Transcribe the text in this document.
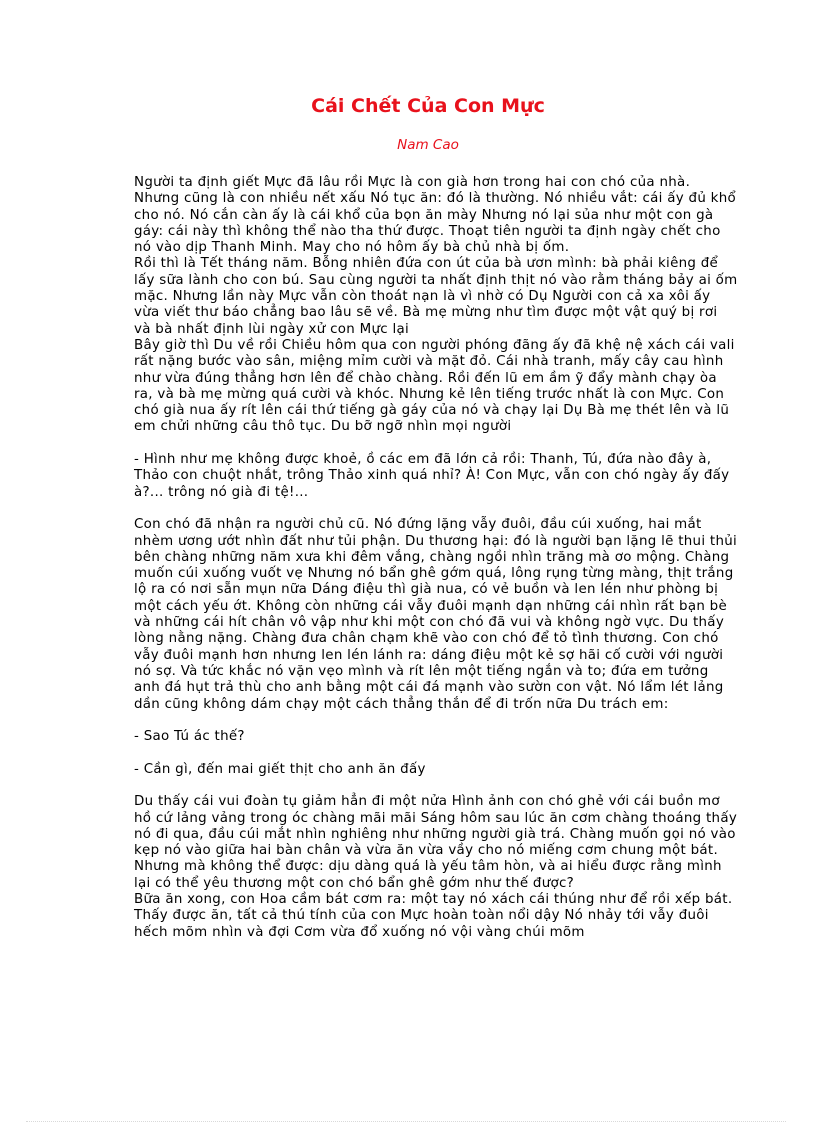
Cái Chết Của Con Mực
Nam Cao

Người ta định giết Mực đã lâu rồi Mực là con già hơn trong hai con chó của nhà. Nhưng cũng là con nhiều nết xấu Nó tục ăn: đó là thường. Nó nhiều vắt: cái ấy đủ khổ cho nó. Nó cắn càn ấy là cái khổ của bọn ăn mày Nhưng nó lại sủa như một con gà gáy: cái này thì không thể nào tha thứ được. Thoạt tiên người ta định ngày chết cho nó vào dịp Thanh Minh. May cho nó hôm ấy bà chủ nhà bị ốm.

Rồi thì là Tết tháng năm. Bỗng nhiên đứa con út của bà ươn mình: bà phải kiêng để lấy sữa lành cho con bú. Sau cùng người ta nhất định thịt nó vào rằm tháng bảy ai ốm mặc. Nhưng lần này Mực vẫn còn thoát nạn là vì nhờ có Dụ Người con cả xa xôi ấy vừa viết thư báo chẳng bao lâu sẽ về. Bà mẹ mừng như tìm được một vật quý bị rơi và bà nhất định lùi ngày xử con Mực lại

Bây giờ thì Du về rồi Chiều hôm qua con người phóng đãng ấy đã khệ nệ xách cái vali rất nặng bước vào sân, miệng mỉm cười và mặt đỏ. Cái nhà tranh, mấy cây cau hình như vừa đúng thẳng hơn lên để chào chàng. Rồi đến lũ em ầm ỹ đẩy mành chạy òa ra, và bà mẹ mừng quá cười và khóc. Nhưng kẻ lên tiếng trước nhất là con Mực. Con chó già nua ấy rít lên cái thứ tiếng gà gáy của nó và chạy lại Dụ Bà mẹ thét lên và lũ em chửi những câu thô tục. Du bỡ ngỡ nhìn mọi người

- Hình như mẹ không được khoẻ, ồ các em đã lớn cả rồi: Thanh, Tú, đứa nào đây à, Thảo con chuột nhắt, trông Thảo xinh quá nhỉ? À! Con Mực, vẫn con chó ngày ấy đấy à?... trông nó già đi tệ!...

Con chó đã nhận ra người chủ cũ. Nó đứng lặng vẫy đuôi, đầu cúi xuống, hai mắt nhèm ương ướt nhìn đất như tủi phận. Du thương hại: đó là người bạn lặng lẽ thui thủi bên chàng những năm xưa khi đêm vắng, chàng ngồi nhìn trăng mà ơo mộng. Chàng muốn cúi xuống vuốt vẹ Nhưng nó bẩn ghê gớm quá, lông rụng từng màng, thịt trắng lộ ra có nơi sẵn mụn nữa Dáng điệu thì già nua, có vẻ buồn và len lén như phòng bị một cách yếu ớt. Không còn những cái vẫy đuôi mạnh dạn những cái nhìn rất bạn bè và những cái hít chân vô vập như khi một con chó đã vui và không ngờ vực. Du thấy lòng nằng nặng. Chàng đưa chân chạm khẽ vào con chó để tỏ tình thương. Con chó vẫy đuôi mạnh hơn nhưng len lén lánh ra: dáng điệu một kẻ sợ hãi cố cười với người nó sợ. Và tức khắc nó vặn vẹo mình và rít lên một tiếng ngắn và to; đứa em tưởng anh đá hụt trả thù cho anh bằng một cái đá mạnh vào sườn con vật. Nó lẩm lét lảng dần cũng không dám chạy một cách thẳng thắn để đi trốn nữa Du trách em:

- Sao Tú ác thế?

- Cần gì, đến mai giết thịt cho anh ăn đấy

Du thấy cái vui đoàn tụ giảm hẳn đi một nửa Hình ảnh con chó ghẻ với cái buồn mơ hồ cứ lảng vảng trong óc chàng mãi mãi Sáng hôm sau lúc ăn cơm chàng thoáng thấy nó đi qua, đầu cúi mắt nhìn nghiêng như những người già trá. Chàng muốn gọi nó vào kẹp nó vào giữa hai bàn chân và vừa ăn vừa vầy cho nó miếng cơm chung một bát. Nhưng mà không thể được: dịu dàng quá là yếu tâm hòn, và ai hiểu được rằng mình lại có thể yêu thương một con chó bẩn ghê gớm như thế được?

Bữa ăn xong, con Hoa cầm bát cơm ra: một tay nó xách cái thúng như để rồi xếp bát. Thấy được ăn, tất cả thú tính của con Mực hoàn toàn nổi dậy Nó nhảy tới vẫy đuôi hếch mõm nhìn và đợi Cơm vừa đổ xuống nó vội vàng chúi mõm
